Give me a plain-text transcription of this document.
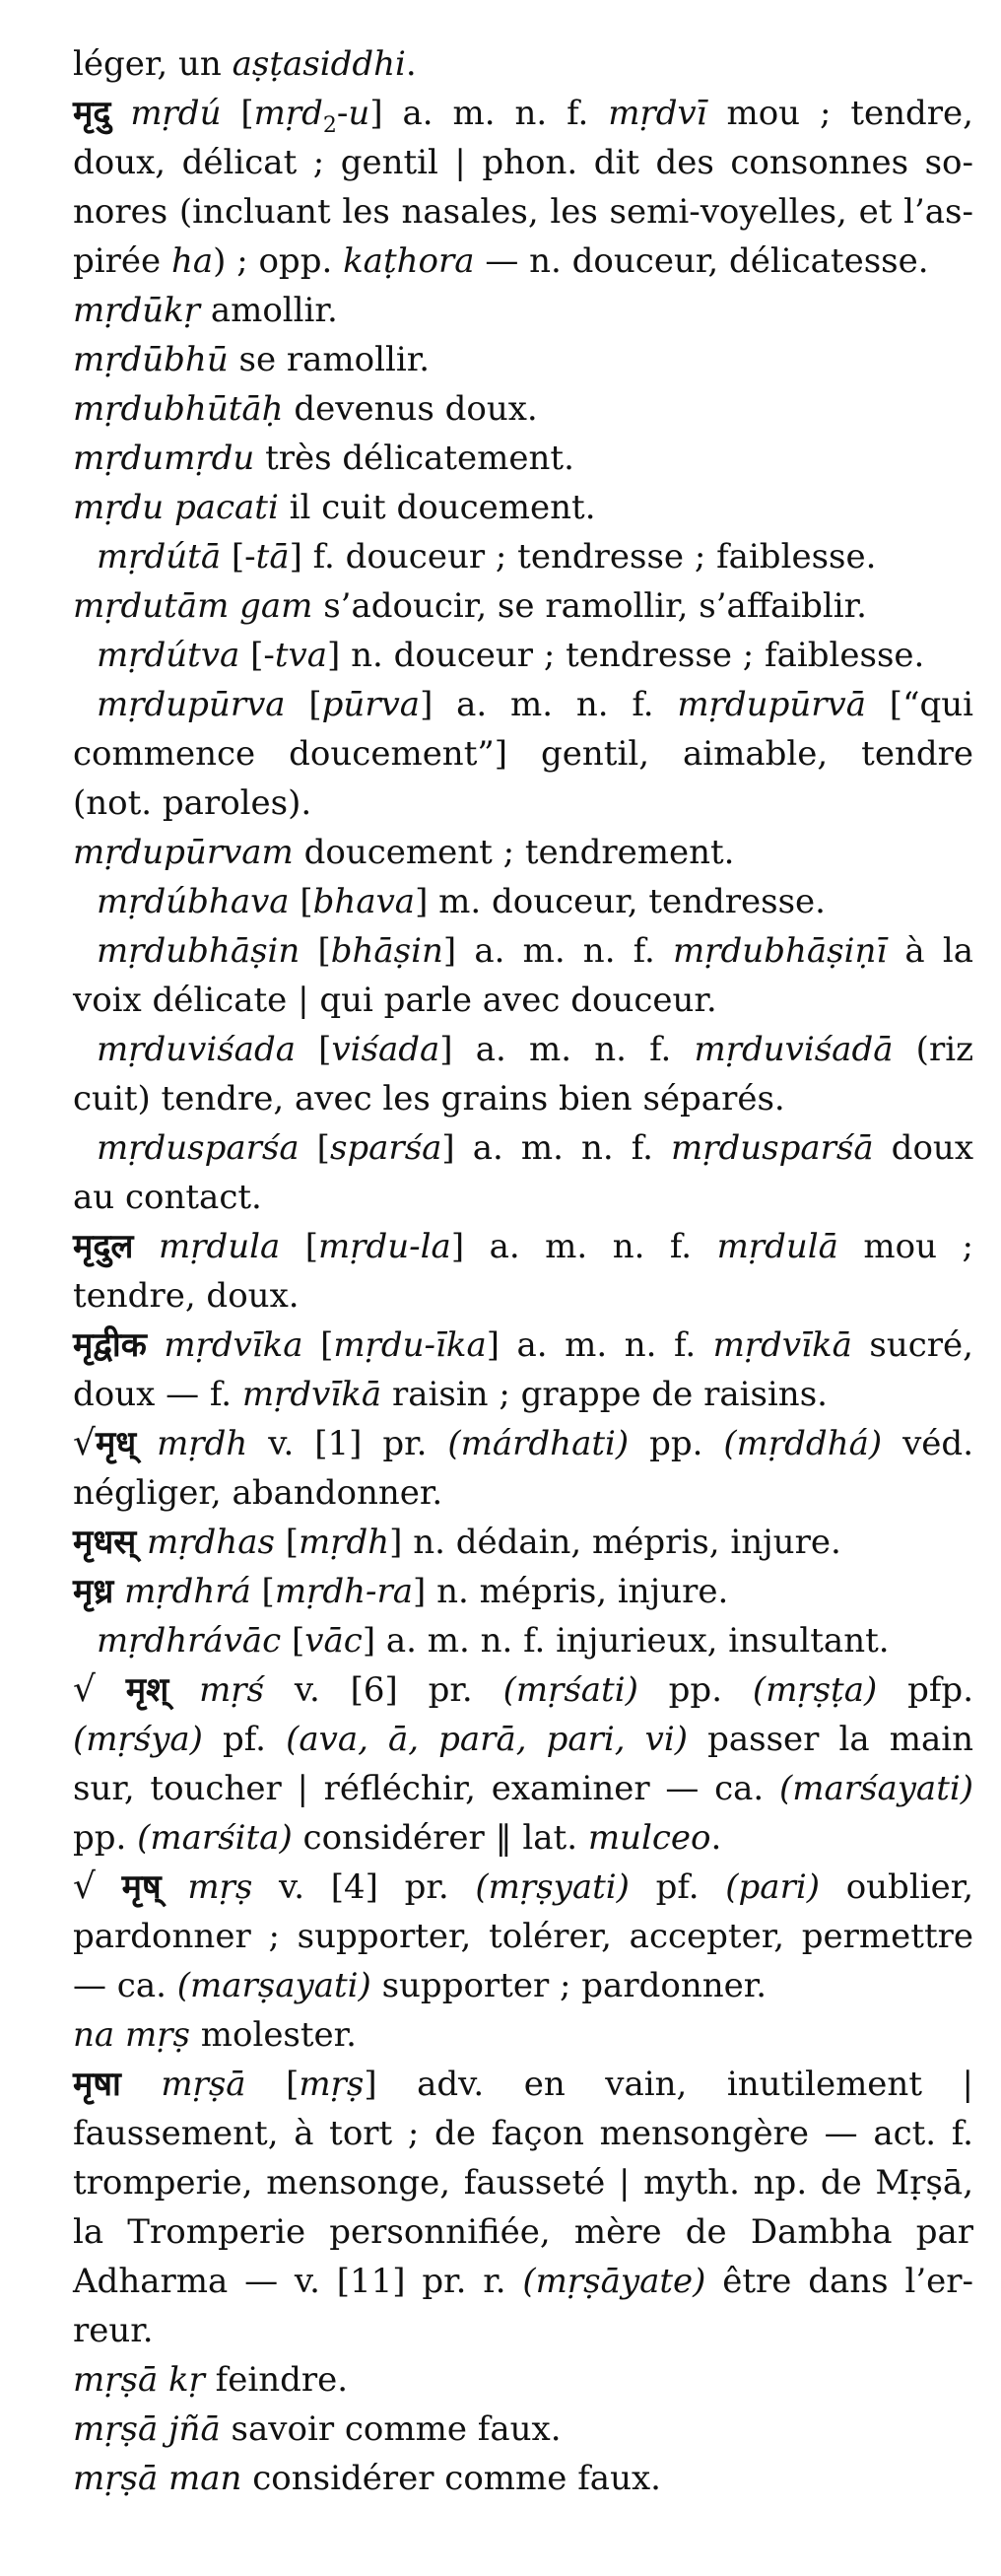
léger, un aṣṭasiddhi.
मृदु mṛdú [mṛd$_2$-u] a. m. n. f. mṛdvī mou ; tendre,
doux, délicat ; gentil | phon. dit des consonnes so-
nores (incluant les nasales, les semi-voyelles, et l’as-
pirée ha) ; opp. kaṭhora — n. douceur, délicatesse.
mṛdūkṛ amollir.
mṛdūbhū se ramollir.
mṛdubhūtāḥ devenus doux.
mṛdumṛdu très délicatement.
mṛdu pacati il cuit doucement.
mṛdútā [-tā] f. douceur ; tendresse ; faiblesse.
mṛdutām gam s’adoucir, se ramollir, s’affaiblir.
mṛdútva [-tva] n. douceur ; tendresse ; faiblesse.
mṛdupūrva [pūrva] a. m. n. f. mṛdupūrvā [“qui
commence doucement”] gentil, aimable, tendre
(not. paroles).
mṛdupūrvam doucement ; tendrement.
mṛdúbhava [bhava] m. douceur, tendresse.
mṛdubhāṣin [bhāṣin] a. m. n. f. mṛdubhāṣiṇī à la
voix délicate | qui parle avec douceur.
mṛduviśada [viśada] a. m. n. f. mṛduviśadā (riz
cuit) tendre, avec les grains bien séparés.
mṛdusparśa [sparśa] a. m. n. f. mṛdusparśā doux
au contact.
मृदुल mṛdula [mṛdu-la] a. m. n. f. mṛdulā mou ;
tendre, doux.
मृद्वीक mṛdvīka [mṛdu-īka] a. m. n. f. mṛdvīkā sucré,
doux — f. mṛdvīkā raisin ; grappe de raisins.
√मृध् mṛdh v. [1] pr. (márdhati) pp. (mṛddhá) véd.
négliger, abandonner.
मृधस् mṛdhas [mṛdh] n. dédain, mépris, injure.
मृध्र mṛdhrá [mṛdh-ra] n. mépris, injure.
mṛdhrávāc [vāc] a. m. n. f. injurieux, insultant.
√ मृश् mṛś v. [6] pr. (mṛśati) pp. (mṛṣṭa) pfp.
(mṛśya) pf. (ava, ā, parā, pari, vi) passer la main
sur, toucher | réfléchir, examiner — ca. (marśayati)
pp. (marśita) considérer ‖ lat. mulceo.
√ मृष् mṛṣ v. [4] pr. (mṛṣyati) pf. (pari) oublier,
pardonner ; supporter, tolérer, accepter, permettre
— ca. (marṣayati) supporter ; pardonner.
na mṛṣ molester.
मृषा mṛṣā [mṛṣ] adv. en vain, inutilement |
faussement, à tort ; de façon mensongère — act. f.
tromperie, mensonge, fausseté | myth. np. de Mṛṣā,
la Tromperie personnifiée, mère de Dambha par
Adharma — v. [11] pr. r. (mṛṣāyate) être dans l’er-
reur.
mṛṣā kṛ feindre.
mṛṣā jñā savoir comme faux.
mṛṣā man considérer comme faux.
